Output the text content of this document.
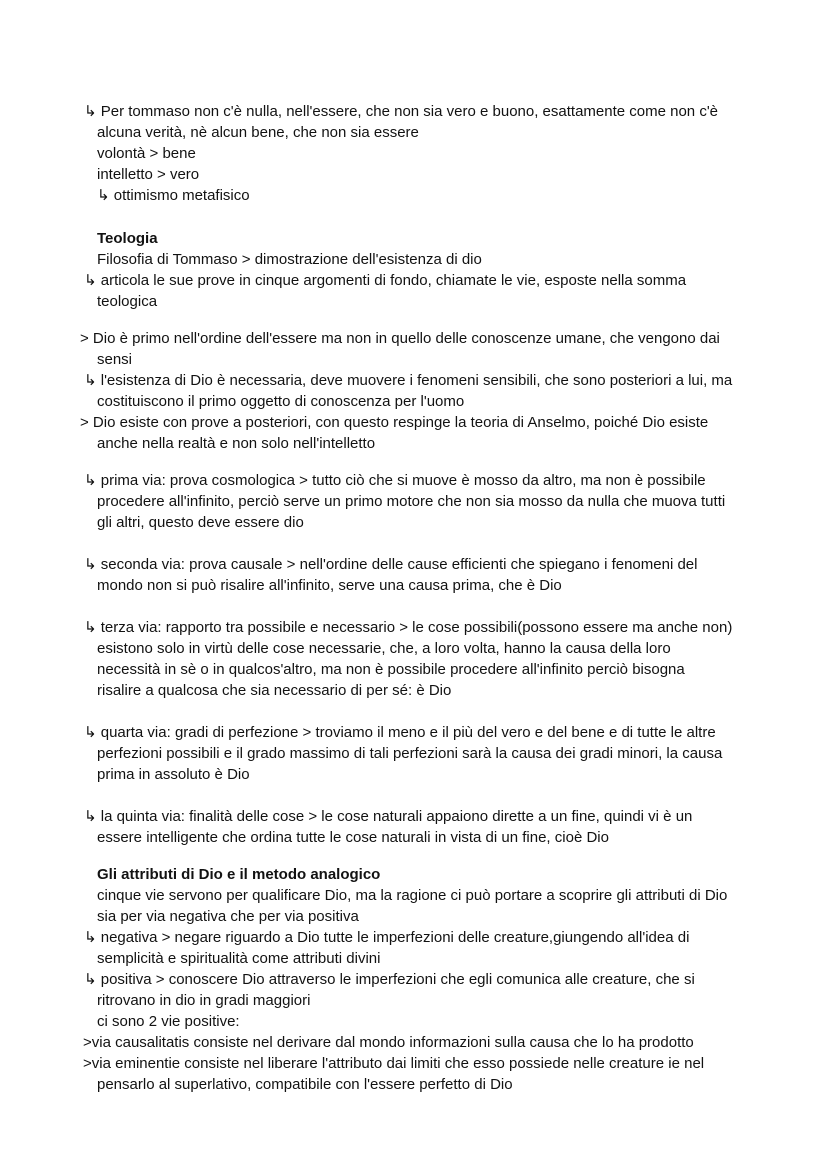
↳ Per tommaso non c'è nulla, nell'essere, che non sia vero e buono, esattamente come non c'è alcuna verità, nè alcun bene, che non sia essere

volontà > bene

intelletto > vero

↳ ottimismo metafisico

Teologia

Filosofia di Tommaso > dimostrazione dell'esistenza di dio

↳ articola le sue prove in cinque argomenti di fondo, chiamate le vie, esposte nella somma teologica

> Dio è primo nell'ordine dell'essere ma non in quello delle conoscenze umane, che vengono dai sensi

↳ l'esistenza di Dio è necessaria, deve muovere i fenomeni sensibili, che sono posteriori a lui, ma costituiscono il primo oggetto di conoscenza per l'uomo

> Dio esiste con prove a posteriori, con questo respinge la teoria di Anselmo, poiché Dio esiste anche nella realtà e non solo nell'intelletto

↳ prima via: prova cosmologica > tutto ciò che si muove è mosso da altro, ma non è possibile procedere all'infinito, perciò serve un primo motore che non sia mosso da nulla che muova tutti gli altri, questo deve essere dio

↳ seconda via: prova causale > nell'ordine delle cause efficienti che spiegano i fenomeni del mondo non si può risalire all'infinito, serve una causa prima, che è Dio

↳ terza via: rapporto tra possibile e necessario > le cose possibili(possono essere ma anche non) esistono solo in virtù delle cose necessarie, che, a loro volta, hanno la causa della loro necessità in sè o in qualcos'altro, ma non è possibile procedere all'infinito perciò bisogna risalire a qualcosa che sia necessario di per sé: è Dio

↳ quarta via: gradi di perfezione > troviamo il meno e il più del vero e del bene e di tutte le altre perfezioni possibili e il grado massimo di tali perfezioni sarà la causa dei gradi minori, la causa prima in assoluto è Dio

↳ la quinta via: finalità delle cose > le cose naturali appaiono dirette a un fine, quindi vi è un essere intelligente che ordina tutte le cose naturali in vista di un fine, cioè Dio

Gli attributi di Dio e il metodo analogico

cinque vie servono per qualificare Dio, ma la ragione ci può portare a scoprire gli attributi di Dio sia per via negativa che per via positiva

↳ negativa > negare riguardo a Dio tutte le imperfezioni delle creature,giungendo all'idea di semplicità e spiritualità come attributi divini

↳ positiva > conoscere Dio attraverso le imperfezioni che egli comunica alle creature, che si ritrovano in dio in gradi maggiori

ci sono 2 vie positive:

>via causalitatis consiste nel derivare dal mondo informazioni sulla causa che lo ha prodotto

>via eminentie consiste nel liberare l'attributo dai limiti che esso possiede nelle creature ie nel pensarlo al superlativo, compatibile con l'essere perfetto di Dio
